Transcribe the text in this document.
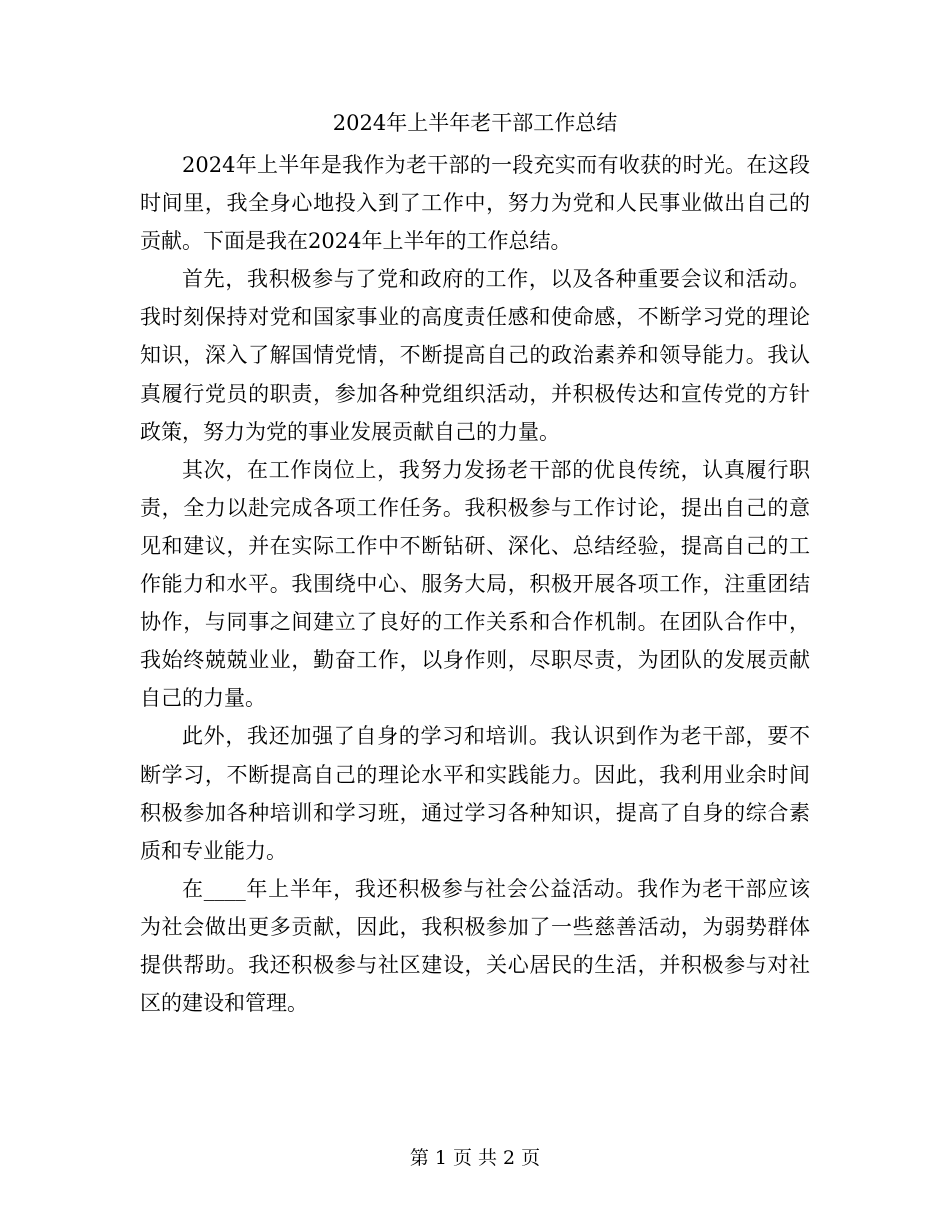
2024年上半年老干部工作总结

2024年上半年是我作为老干部的一段充实而有收获的时光。在这段时间里，我全身心地投入到了工作中，努力为党和人民事业做出自己的贡献。下面是我在2024年上半年的工作总结。

首先，我积极参与了党和政府的工作，以及各种重要会议和活动。我时刻保持对党和国家事业的高度责任感和使命感，不断学习党的理论知识，深入了解国情党情，不断提高自己的政治素养和领导能力。我认真履行党员的职责，参加各种党组织活动，并积极传达和宣传党的方针政策，努力为党的事业发展贡献自己的力量。

其次，在工作岗位上，我努力发扬老干部的优良传统，认真履行职责，全力以赴完成各项工作任务。我积极参与工作讨论，提出自己的意见和建议，并在实际工作中不断钻研、深化、总结经验，提高自己的工作能力和水平。我围绕中心、服务大局，积极开展各项工作，注重团结协作，与同事之间建立了良好的工作关系和合作机制。在团队合作中，我始终兢兢业业，勤奋工作，以身作则，尽职尽责，为团队的发展贡献自己的力量。

此外，我还加强了自身的学习和培训。我认识到作为老干部，要不断学习，不断提高自己的理论水平和实践能力。因此，我利用业余时间积极参加各种培训和学习班，通过学习各种知识，提高了自身的综合素质和专业能力。

在____年上半年，我还积极参与社会公益活动。我作为老干部应该为社会做出更多贡献，因此，我积极参加了一些慈善活动，为弱势群体提供帮助。我还积极参与社区建设，关心居民的生活，并积极参与对社区的建设和管理。

第 1 页 共 2 页
